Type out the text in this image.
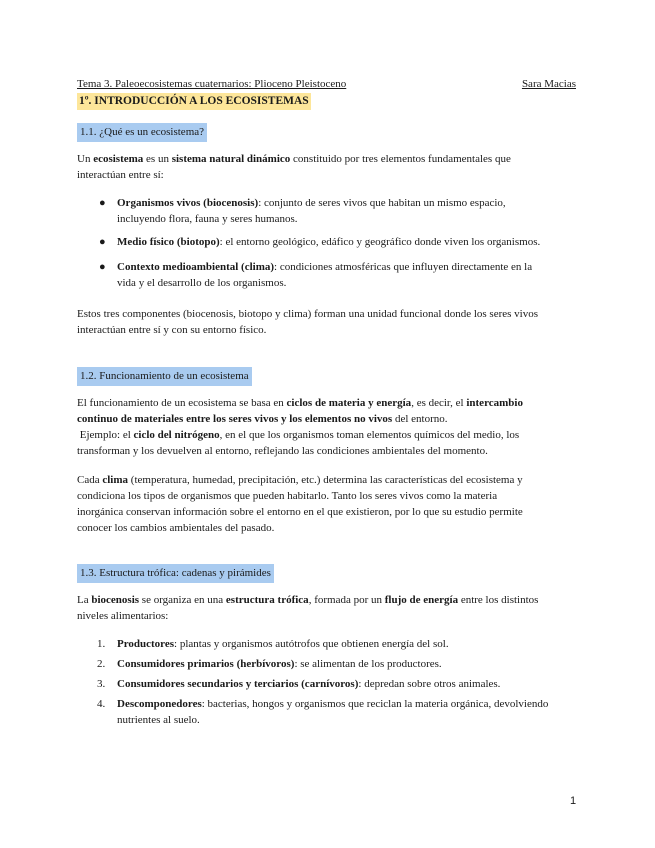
Tema 3. Paleoecosistemas cuaternarios: Plioceno Pleistoceno	Sara Macias
1º. INTRODUCCIÓN A LOS ECOSISTEMAS
1.1. ¿Qué es un ecosistema?
Un ecosistema es un sistema natural dinámico constituido por tres elementos fundamentales que
interactúan entre sí:
● Organismos vivos (biocenosis): conjunto de seres vivos que habitan un mismo espacio,
incluyendo flora, fauna y seres humanos.
● Medio físico (biotopo): el entorno geológico, edáfico y geográfico donde viven los organismos.
● Contexto medioambiental (clima): condiciones atmosféricas que influyen directamente en la
vida y el desarrollo de los organismos.
Estos tres componentes (biocenosis, biotopo y clima) forman una unidad funcional donde los seres vivos
interactúan entre sí y con su entorno físico.
1.2. Funcionamiento de un ecosistema
El funcionamiento de un ecosistema se basa en ciclos de materia y energía, es decir, el intercambio
continuo de materiales entre los seres vivos y los elementos no vivos del entorno.
Ejemplo: el ciclo del nitrógeno, en el que los organismos toman elementos químicos del medio, los
transforman y los devuelven al entorno, reflejando las condiciones ambientales del momento.
Cada clima (temperatura, humedad, precipitación, etc.) determina las características del ecosistema y
condiciona los tipos de organismos que pueden habitarlo. Tanto los seres vivos como la materia
inorgánica conservan información sobre el entorno en el que existieron, por lo que su estudio permite
conocer los cambios ambientales del pasado.
1.3. Estructura trófica: cadenas y pirámides
La biocenosis se organiza en una estructura trófica, formada por un flujo de energía entre los distintos
niveles alimentarios:
1. Productores: plantas y organismos autótrofos que obtienen energía del sol.
2. Consumidores primarios (herbívoros): se alimentan de los productores.
3. Consumidores secundarios y terciarios (carnívoros): depredan sobre otros animales.
4. Descomponedores: bacterias, hongos y organismos que reciclan la materia orgánica, devolviendo
nutrientes al suelo.
1
